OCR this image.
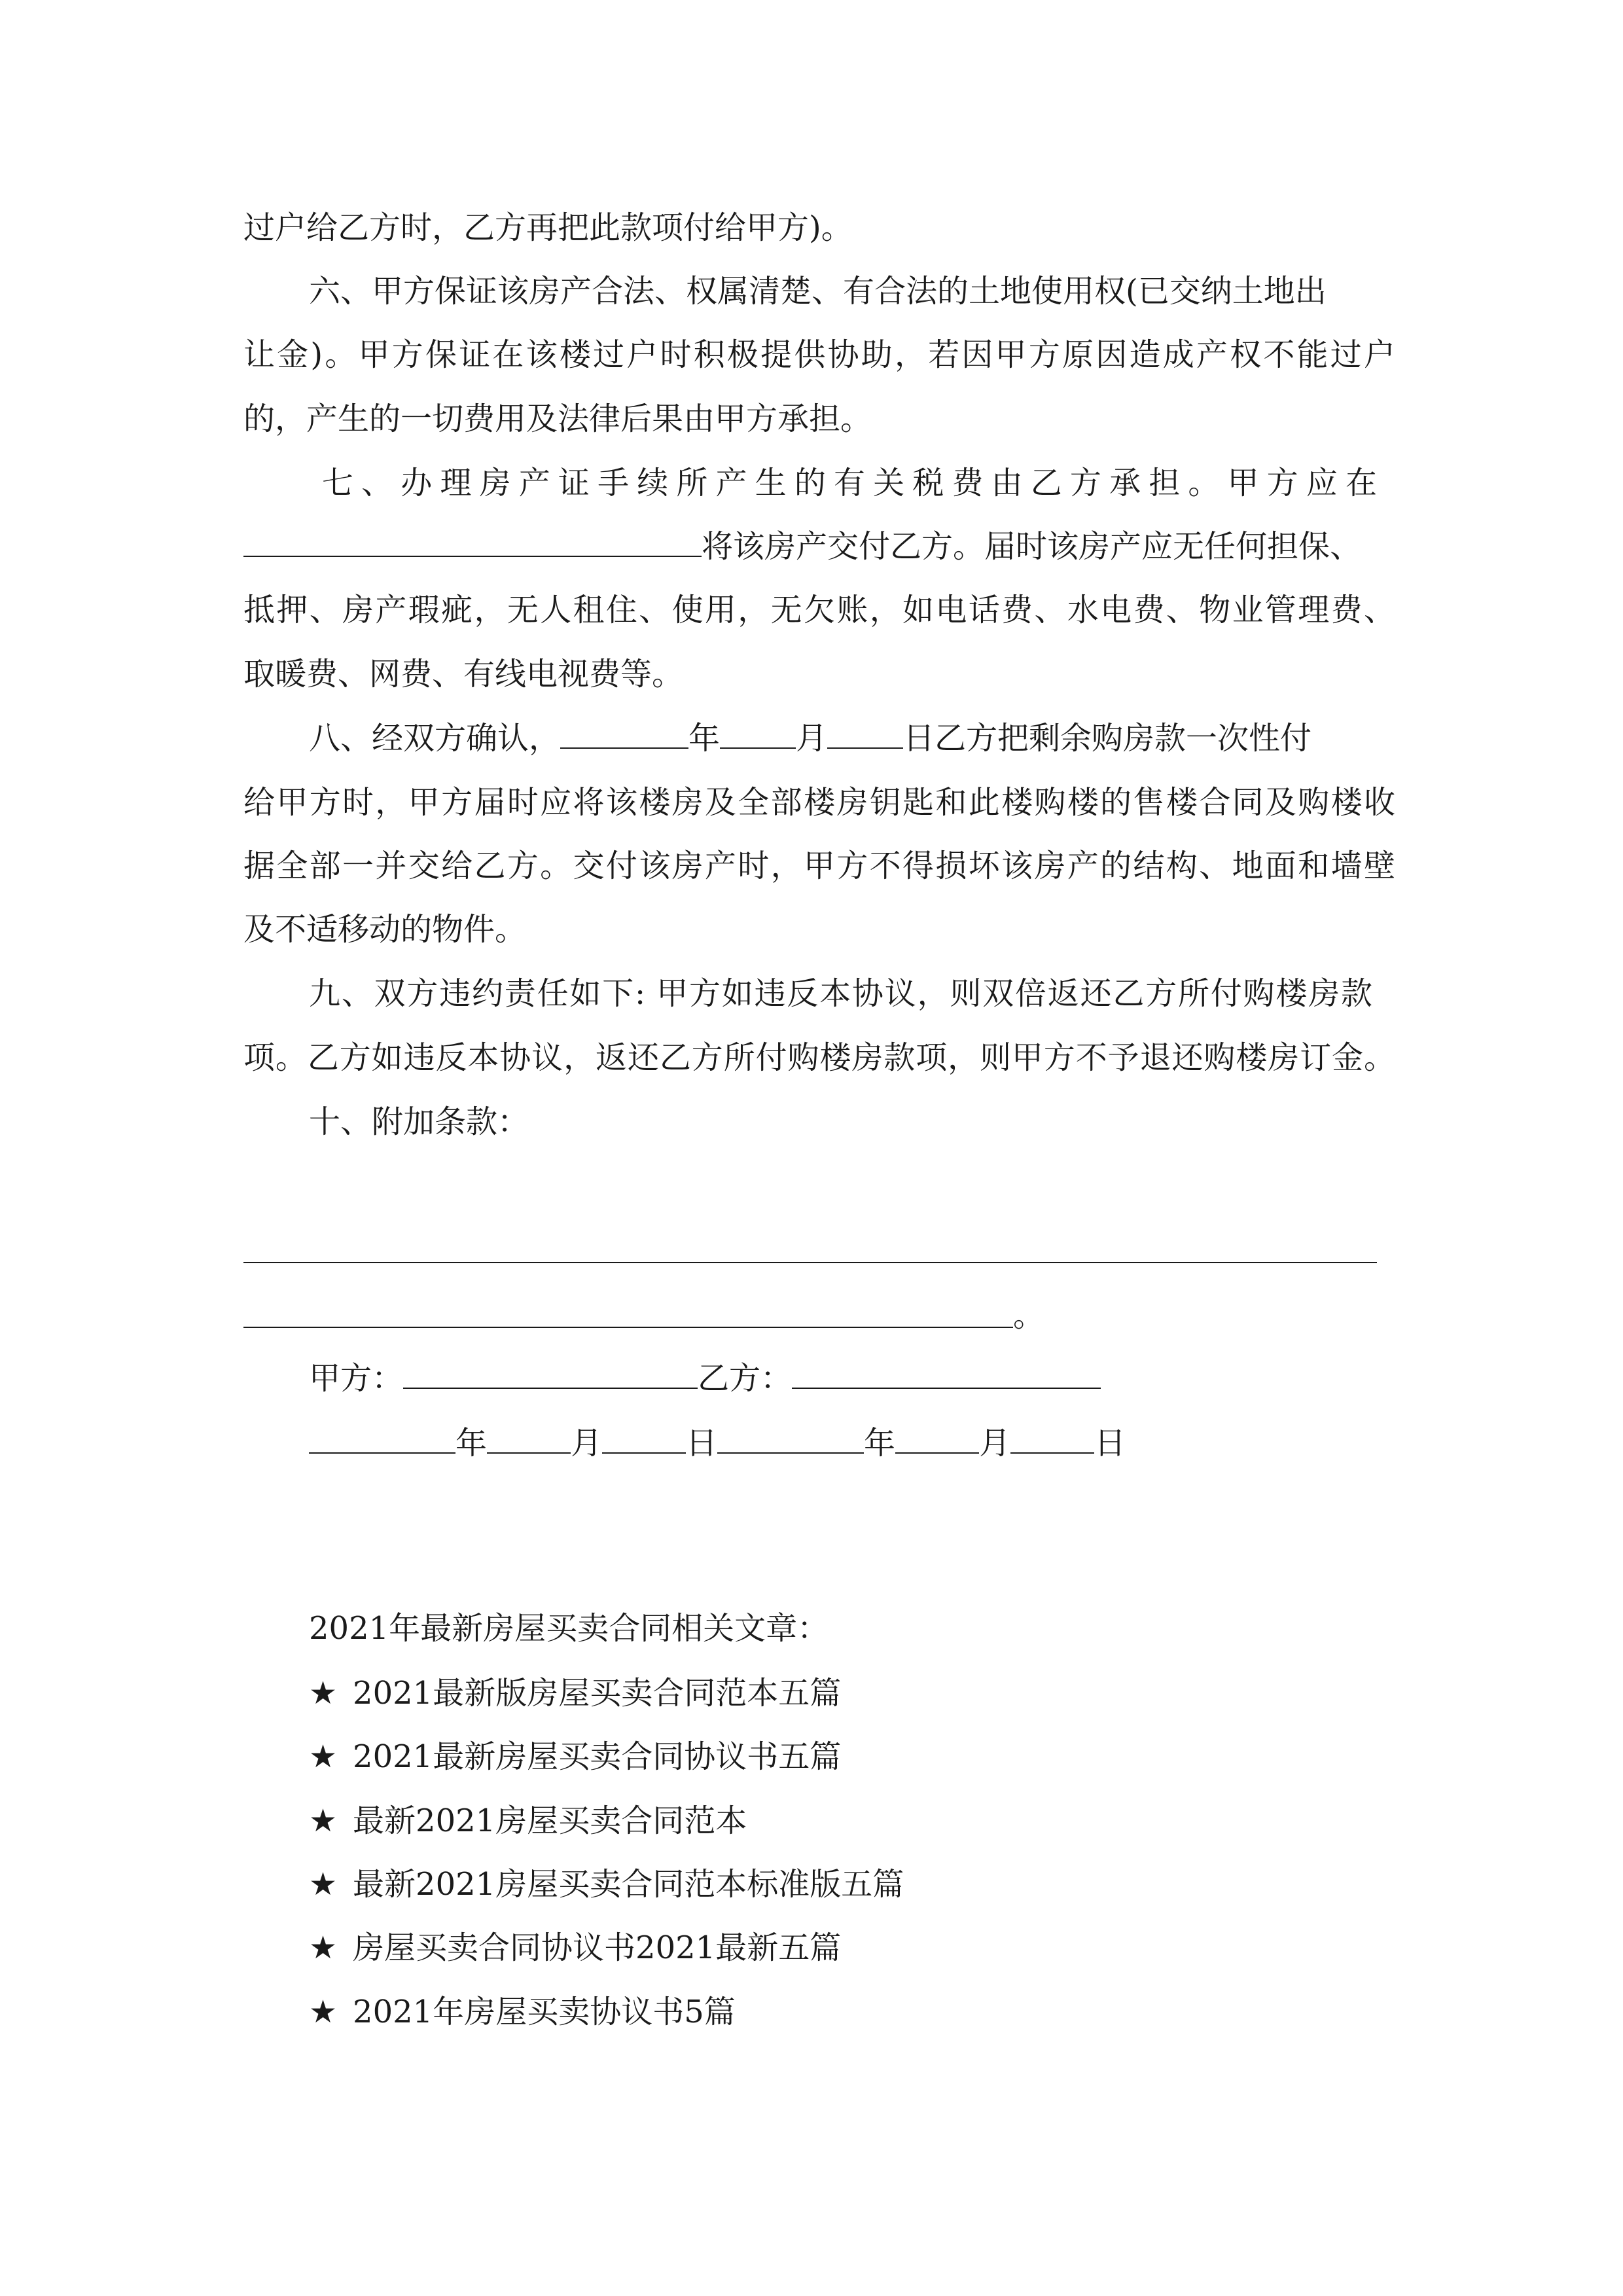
过户给乙方时，乙方再把此款项付给甲方)。
六、甲方保证该房产合法、权属清楚、有合法的土地使用权(已交纳土地出
让金)。甲方保证在该楼过户时积极提供协助，若因甲方原因造成产权不能过户
的，产生的一切费用及法律后果由甲方承担。
七、办理房产证手续所产生的有关税费由乙方承担。甲方应在
将该房产交付乙方。届时该房产应无任何担保、
抵押、房产瑕疵，无人租住、使用，无欠账，如电话费、水电费、物业管理费、
取暖费、网费、有线电视费等。
八、经双方确认，	年 月 日乙方把剩余购房款一次性付
给甲方时，甲方届时应将该楼房及全部楼房钥匙和此楼购楼的售楼合同及购楼收
据全部一并交给乙方。交付该房产时，甲方不得损坏该房产的结构、地面和墙壁
及不适移动的物件。
九、双方违约责任如下: 甲方如违反本协议，则双倍返还乙方所付购楼房款
项。乙方如违反本协议，返还乙方所付购楼房款项，则甲方不予退还购楼房订金。
十、附加条款：
。
甲方：	乙方：
年	月	日	年	月	日
2021年最新房屋买卖合同相关文章：
★ 2021最新版房屋买卖合同范本五篇
★ 2021最新房屋买卖合同协议书五篇
★ 最新2021房屋买卖合同范本
★ 最新2021房屋买卖合同范本标准版五篇
★ 房屋买卖合同协议书2021最新五篇
★ 2021年房屋买卖协议书5篇
